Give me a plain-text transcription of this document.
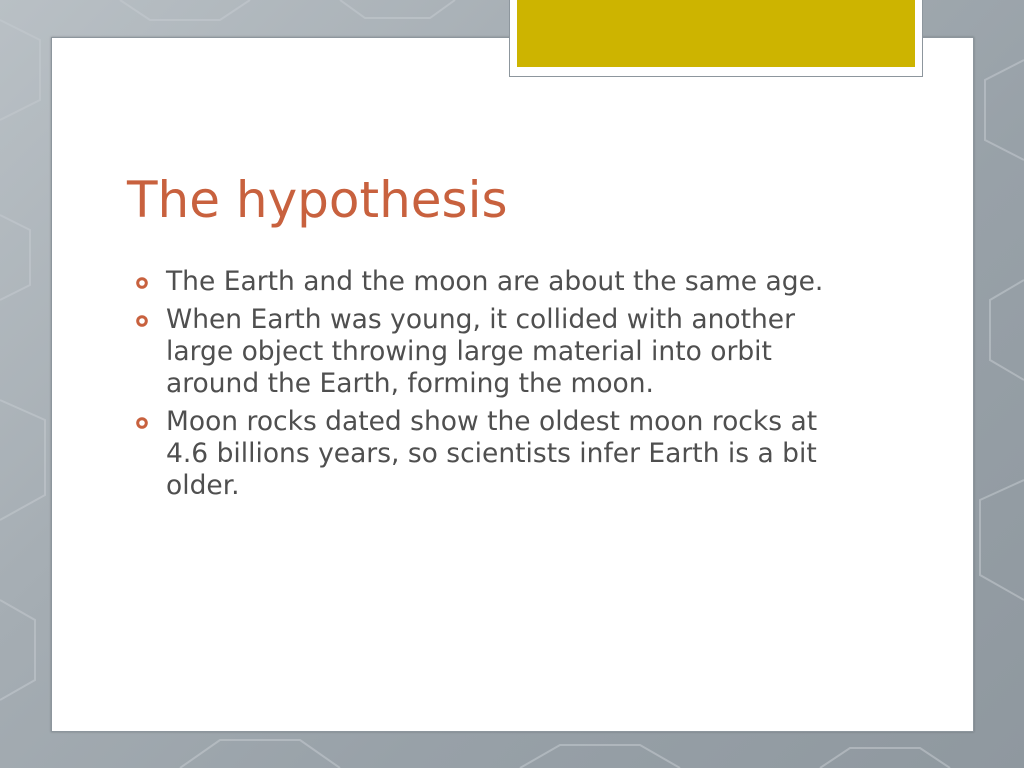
The hypothesis
The Earth and the moon are about the same age.
When Earth was young, it collided with another large object throwing large material into orbit around the Earth, forming the moon.
Moon rocks dated show the oldest moon rocks at 4.6 billions years, so scientists infer Earth is a bit older.
